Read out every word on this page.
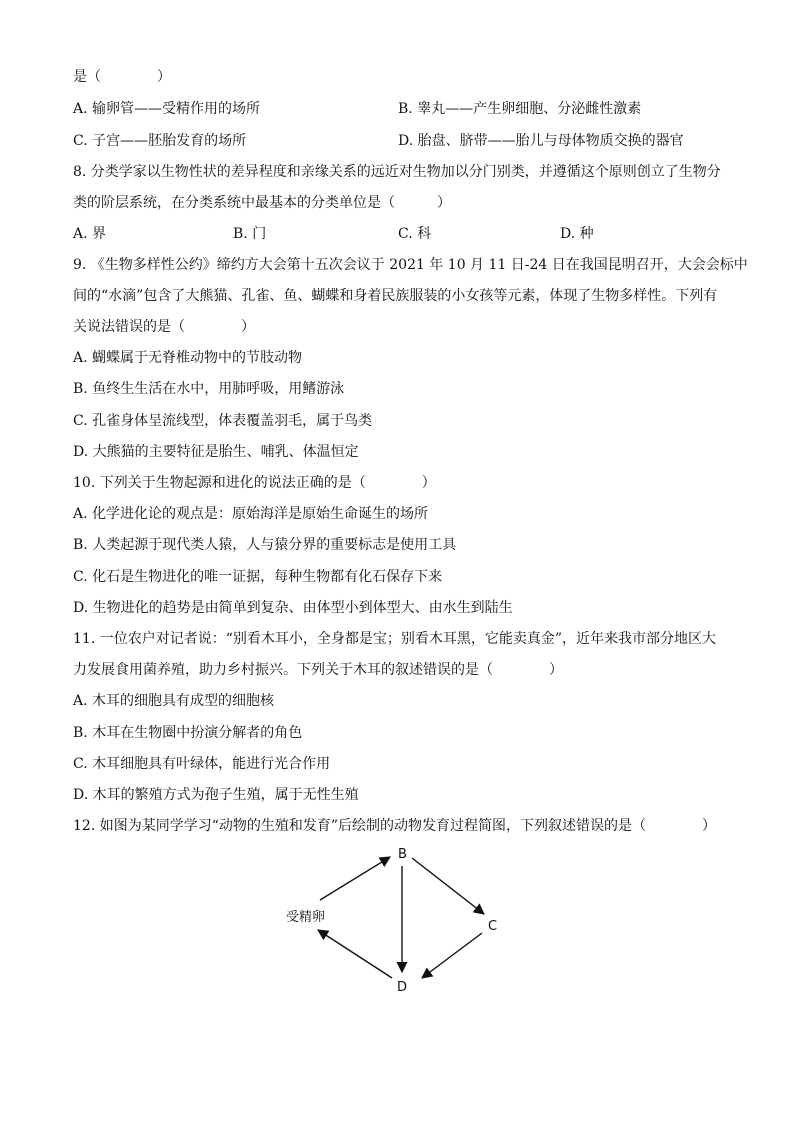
是（　　　　）
A. 输卵管——受精作用的场所	B. 睾丸——产生卵细胞、分泌雌性激素
C. 子宫——胚胎发育的场所	D. 胎盘、脐带——胎儿与母体物质交换的器官
8. 分类学家以生物性状的差异程度和亲缘关系的远近对生物加以分门别类，并遵循这个原则创立了生物分
类的阶层系统，在分类系统中最基本的分类单位是（　　　）
A. 界	B. 门	C. 科	D. 种
9. 《生物多样性公约》缔约方大会第十五次会议于 2021 年 10 月 11 日-24 日在我国昆明召开，大会会标中
间的“水滴”包含了大熊猫、孔雀、鱼、蝴蝶和身着民族服装的小女孩等元素，体现了生物多样性。下列有
关说法错误的是（　　　　）
A. 蝴蝶属于无脊椎动物中的节肢动物
B. 鱼终生生活在水中，用肺呼吸，用鳍游泳
C. 孔雀身体呈流线型，体表覆盖羽毛，属于鸟类
D. 大熊猫的主要特征是胎生、哺乳、体温恒定
10. 下列关于生物起源和进化的说法正确的是（　　　　）
A. 化学进化论的观点是：原始海洋是原始生命诞生的场所
B. 人类起源于现代类人猿，人与猿分界的重要标志是使用工具
C. 化石是生物进化的唯一证据，每种生物都有化石保存下来
D. 生物进化的趋势是由简单到复杂、由体型小到体型大、由水生到陆生
11. 一位农户对记者说：“别看木耳小，全身都是宝；别看木耳黑，它能卖真金”，近年来我市部分地区大
力发展食用菌养殖，助力乡村振兴。下列关于木耳的叙述错误的是（　　　　）
A. 木耳的细胞具有成型的细胞核
B. 木耳在生物圈中扮演分解者的角色
C. 木耳细胞具有叶绿体，能进行光合作用
D. 木耳的繁殖方式为孢子生殖，属于无性生殖
12. 如图为某同学学习“动物的生殖和发育”后绘制的动物发育过程简图，下列叙述错误的是（　　　　）
受精卵
B
C
D
